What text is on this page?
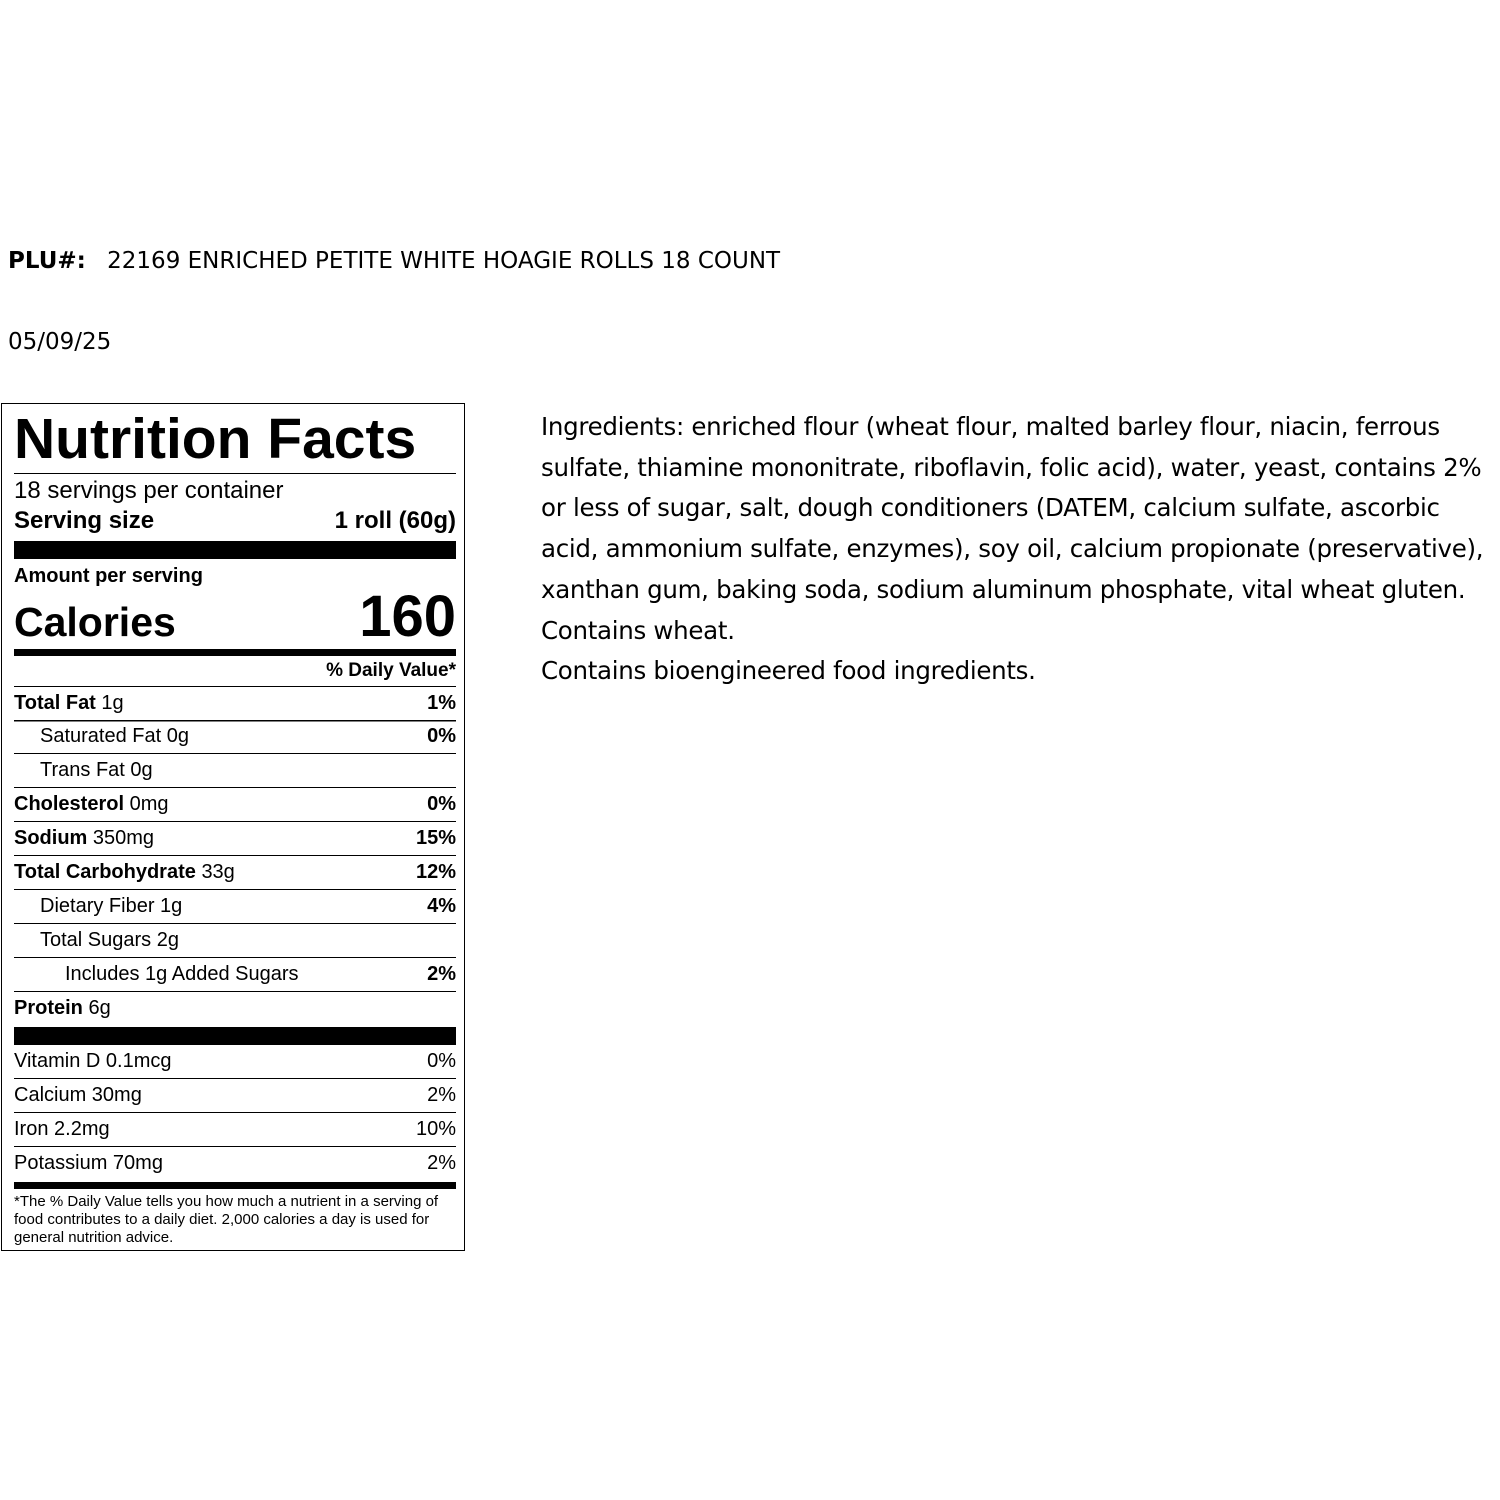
PLU#: 22169 ENRICHED PETITE WHITE HOAGIE ROLLS 18 COUNT
05/09/25
Nutrition Facts
18 servings per container
Serving size	1 roll (60g)
Amount per serving
Calories	160
% Daily Value*
Total Fat 1g	1%
Saturated Fat 0g	0%
Trans Fat 0g
Cholesterol 0mg	0%
Sodium 350mg	15%
Total Carbohydrate 33g	12%
Dietary Fiber 1g	4%
Total Sugars 2g
Includes 1g Added Sugars	2%
Protein 6g
Vitamin D 0.1mcg	0%
Calcium 30mg	2%
Iron 2.2mg	10%
Potassium 70mg	2%
*The % Daily Value tells you how much a nutrient in a serving of food contributes to a daily diet. 2,000 calories a day is used for general nutrition advice.

Ingredients: enriched flour (wheat flour, malted barley flour, niacin, ferrous sulfate, thiamine mononitrate, riboflavin, folic acid), water, yeast, contains 2% or less of sugar, salt, dough conditioners (DATEM, calcium sulfate, ascorbic acid, ammonium sulfate, enzymes), soy oil, calcium propionate (preservative), xanthan gum, baking soda, sodium aluminum phosphate, vital wheat gluten. Contains wheat.

Contains bioengineered food ingredients.
